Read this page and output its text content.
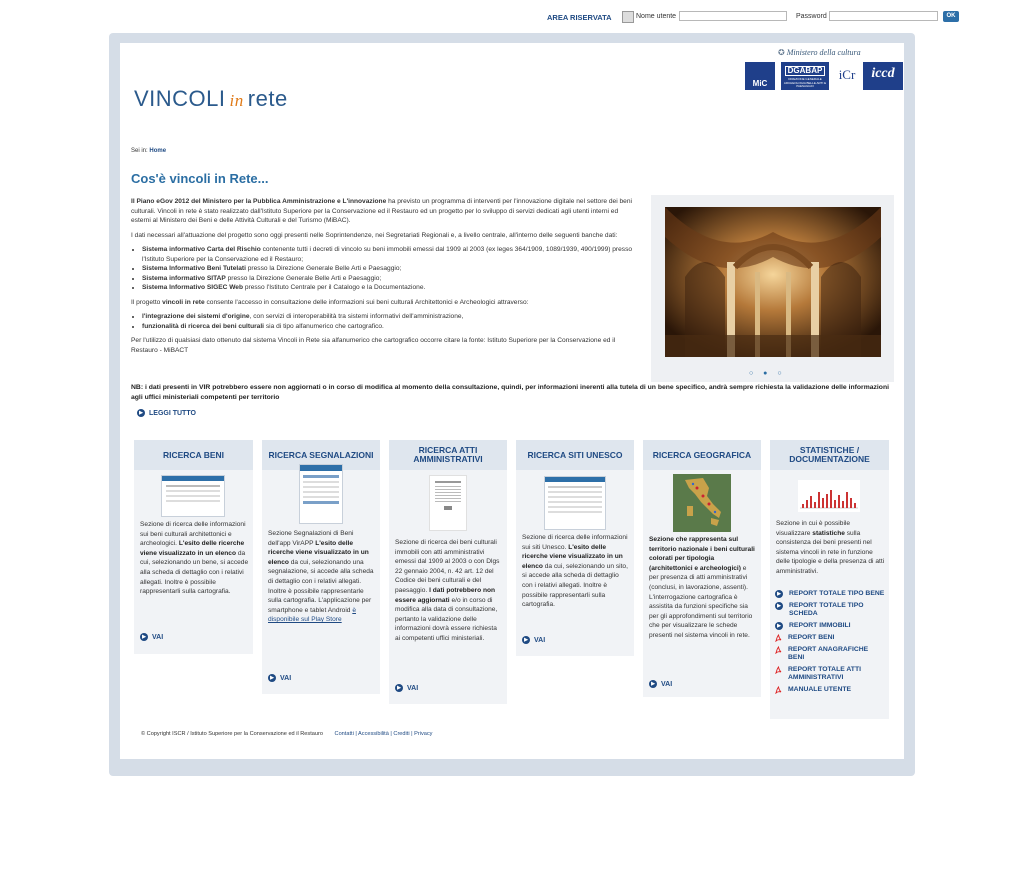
AREA RISERVATA	Nome utente	Password	OK
VINCOLI in rete
✪ Ministero della cultura
MiC
DGABAP
DIREZIONE GENERALE ARCHEOLOGIA BELLE ARTI E PAESAGGIO
iCr	iccd
Sei in: Home
Cos'è vincoli in Rete...

Il Piano eGov 2012 del Ministero per la Pubblica Amministrazione e L'innovazione ha previsto un programma di interventi per l'innovazione digitale nel settore dei beni culturali. Vincoli in rete è stato realizzato dall'Istituto Superiore per la Conservazione ed il Restauro ed un progetto per lo sviluppo di servizi dedicati agli utenti interni ed esterni al Ministero dei Beni e delle Attività Culturali e del Turismo (MiBAC).

I dati necessari all'attuazione del progetto sono oggi presenti nelle Soprintendenze, nei Segretariati Regionali e, a livello centrale, all'interno delle seguenti banche dati:

• Sistema informativo Carta del Rischio contenente tutti i decreti di vincolo su beni immobili emessi dal 1909 al 2003 (ex leges 364/1909, 1089/1939, 490/1999) presso l'Istituto Superiore per la Conservazione ed il Restauro;
• Sistema Informativo Beni Tutelati presso la Direzione Generale Belle Arti e Paesaggio;
• Sistema informativo SITAP presso la Direzione Generale Belle Arti e Paesaggio;
• Sistema Informativo SIGEC Web presso l'Istituto Centrale per il Catalogo e la Documentazione.

Il progetto vincoli in rete consente l'accesso in consultazione delle informazioni sui beni culturali Architettonici e Archeologici attraverso:

• l'integrazione dei sistemi d'origine, con servizi di interoperabilità tra sistemi informativi dell'amministrazione,
• funzionalità di ricerca dei beni culturali sia di tipo alfanumerico che cartografico.

Per l'utilizzo di qualsiasi dato ottenuto dal sistema Vincoli in Rete sia alfanumerico che cartografico occorre citare la fonte: Istituto Superiore per la Conservazione ed il Restauro - MiBACT

○ ● ○
NB: i dati presenti in VIR potrebbero essere non aggiornati o in corso di modifica al momento della consultazione, quindi, per informazioni inerenti alla tutela di un bene specifico, andrà sempre richiesta la validazione delle informazioni agli uffici ministeriali competenti per territorio
▶ LEGGI TUTTO
RICERCA BENI
Sezione di ricerca delle informazioni sui beni culturali architettonici e archeologici. L'esito delle ricerche viene visualizzato in un elenco da cui, selezionando un bene, si accede alla scheda di dettaglio con i relativi allegati. Inoltre è possibile rappresentarli sulla cartografia.
▶ VAI
RICERCA SEGNALAZIONI
Sezione Segnalazioni di Beni dell'app VirAPP L'esito delle ricerche viene visualizzato in un elenco da cui, selezionando una segnalazione, si accede alla scheda di dettaglio con i relativi allegati. Inoltre è possibile rappresentarle sulla cartografia. L'applicazione per smartphone e tablet Android è disponibile sul Play Store
▶ VAI
RICERCA ATTI AMMINISTRATIVI
Sezione di ricerca dei beni culturali immobili con atti amministrativi emessi dal 1909 al 2003 o con Dlgs 22 gennaio 2004, n. 42 art. 12 del Codice dei beni culturali e del paesaggio. I dati potrebbero non essere aggiornati e/o in corso di modifica alla data di consultazione, pertanto la validazione delle informazioni dovrà essere richiesta ai competenti uffici ministeriali.
▶ VAI
RICERCA SITI UNESCO
Sezione di ricerca delle informazioni sui siti Unesco. L'esito delle ricerche viene visualizzato in un elenco da cui, selezionando un sito, si accede alla scheda di dettaglio con i relativi allegati. Inoltre è possibile rappresentarli sulla cartografia.
▶ VAI
RICERCA GEOGRAFICA
Sezione che rappresenta sul territorio nazionale i beni culturali colorati per tipologia (architettonici e archeologici) e per presenza di atti amministrativi (conclusi, in lavorazione, assenti). L'interrogazione cartografica è assistita da funzioni specifiche sia per gli approfondimenti sul territorio che per visualizzare le schede presenti nel sistema vincoli in rete.
▶ VAI
STATISTICHE / DOCUMENTAZIONE
Sezione in cui è possibile visualizzare statistiche sulla consistenza dei beni presenti nel sistema vincoli in rete in funzione delle tipologie e della presenza di atti amministrativi.
▶	REPORT TOTALE TIPO BENE
▶	REPORT TOTALE TIPO SCHEDA
▶	REPORT IMMOBILI
REPORT BENI
REPORT ANAGRAFICHE BENI
REPORT TOTALE ATTI AMMINISTRATIVI
MANUALE UTENTE
© Copyright ISCR / Istituto Superiore per la Conservazione ed il Restauro Contatti | Accessibilità | Crediti | Privacy
